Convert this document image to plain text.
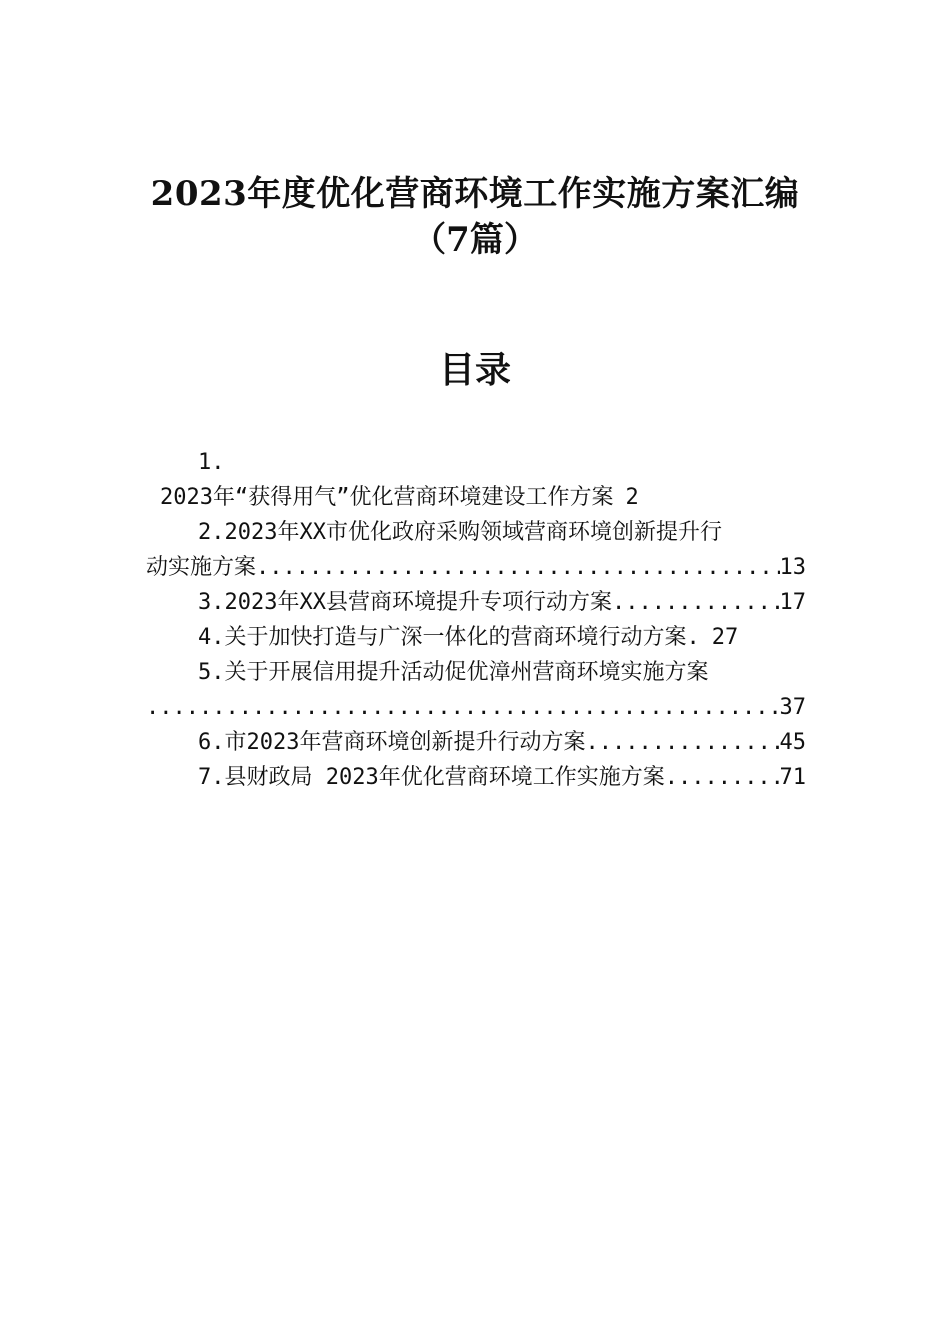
2023年度优化营商环境工作实施方案汇编
（7篇）
目录
1.
2023年“获得用气”优化营商环境建设工作方案 2
2.2023年XX市优化政府采购领域营商环境创新提升行
动实施方案 .....	13
3.2023年XX县营商环境提升专项行动方案 .....	17
4.关于加快打造与广深一体化的营商环境行动方案. 27
5.关于开展信用提升活动促优漳州营商环境实施方案
.....
37
6.市2023年营商环境创新提升行动方案 .....	45
7.县财政局 2023年优化营商环境工作实施方案 .....	71
